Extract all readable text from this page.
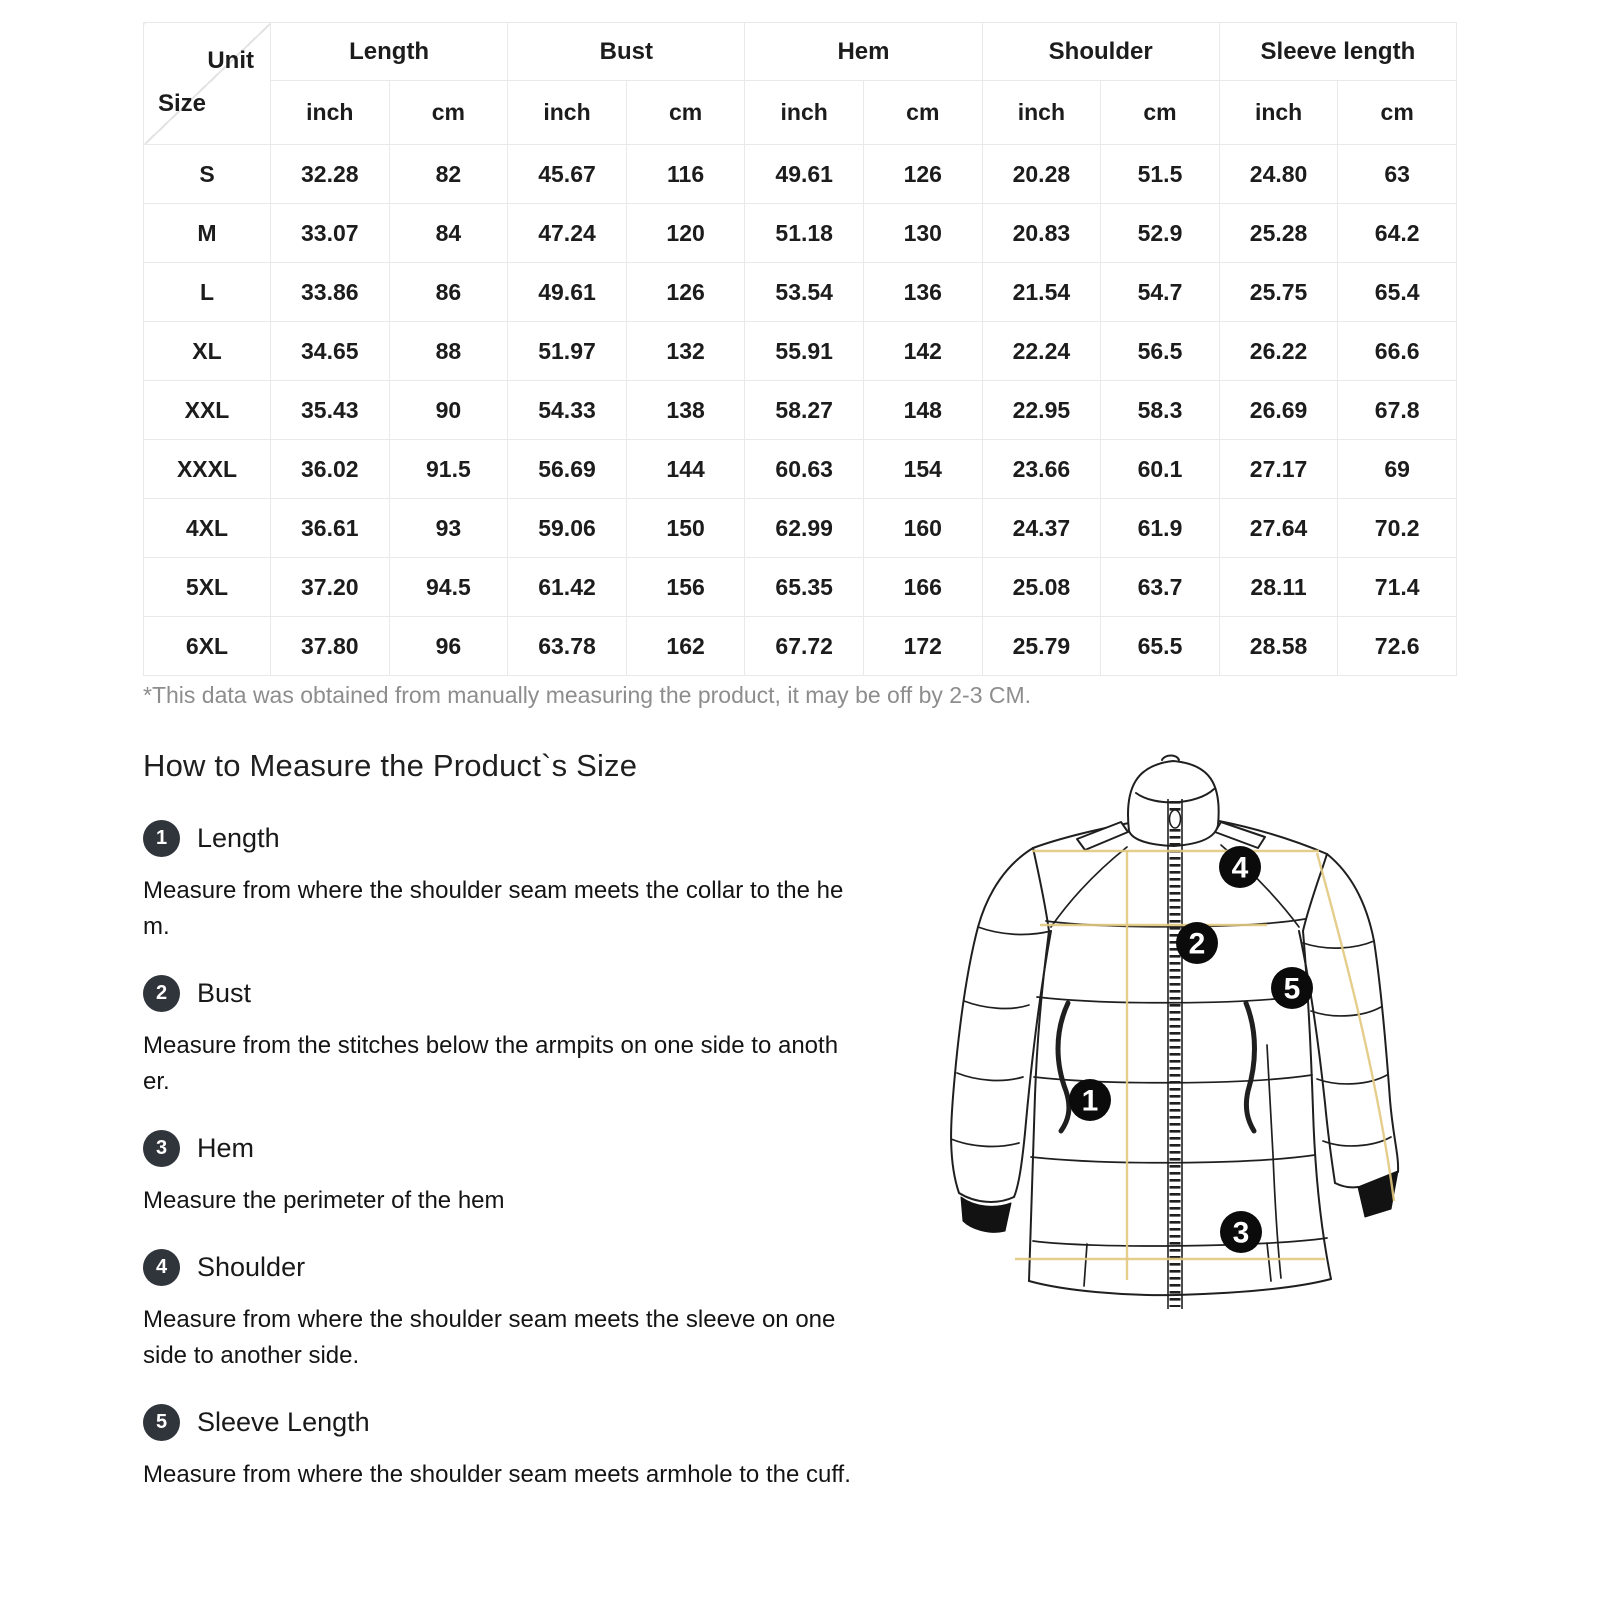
Unit
Size	Length		Bust		Hem		Shoulder		Sleeve length	
	inch	cm	inch	cm	inch	cm	inch	cm	inch	cm
S	32.28	82	45.67	116	49.61	126	20.28	51.5	24.80	63
M	33.07	84	47.24	120	51.18	130	20.83	52.9	25.28	64.2
L	33.86	86	49.61	126	53.54	136	21.54	54.7	25.75	65.4
XL	34.65	88	51.97	132	55.91	142	22.24	56.5	26.22	66.6
XXL	35.43	90	54.33	138	58.27	148	22.95	58.3	26.69	67.8
XXXL	36.02	91.5	56.69	144	60.63	154	23.66	60.1	27.17	69
4XL	36.61	93	59.06	150	62.99	160	24.37	61.9	27.64	70.2
5XL	37.20	94.5	61.42	156	65.35	166	25.08	63.7	28.11	71.4
6XL	37.80	96	63.78	162	67.72	172	25.79	65.5	28.58	72.6

*This data was obtained from manually measuring the product, it may be off by 2-3 CM.

How to Measure the Product`s Size
1	Length

Measure from where the shoulder seam meets the collar to the hem.

2	Bust

Measure from the stitches below the armpits on one side to another.

3	Hem

Measure the perimeter of the hem

4	Shoulder

Measure from where the shoulder seam meets the sleeve on one side to another side.

5	Sleeve Length

Measure from where the shoulder seam meets armhole to the cuff.

4
2
5
1
3
